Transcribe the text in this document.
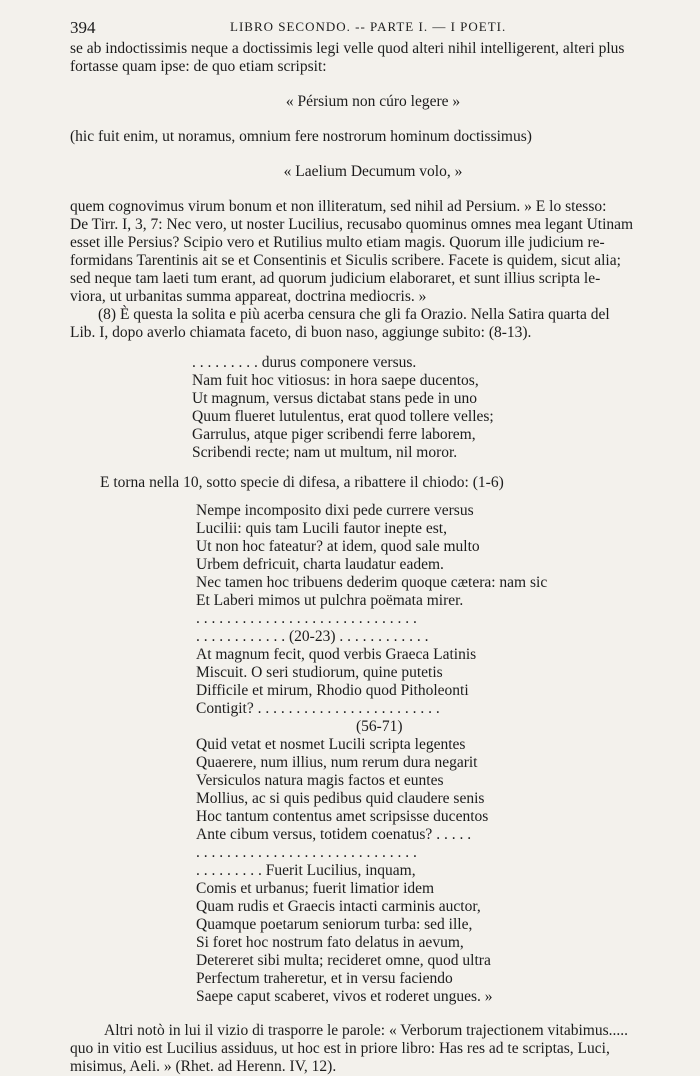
394	LIBRO SECONDO. -- PARTE I. — I POETI.
se ab indoctissimis neque a doctissimis legi velle quod alteri nihil intelligerent, alteri plus
fortasse quam ipse: de quo etiam scripsit:
« Pérsium non cúro legere »
(hic fuit enim, ut noramus, omnium fere nostrorum hominum doctissimus)
« Laelium Decumum volo, »
quem cognovimus virum bonum et non illiteratum, sed nihil ad Persium. » E lo stesso:
De Tirr. I, 3, 7: Nec vero, ut noster Lucilius, recusabo quominus omnes mea legant Utinam
esset ille Persius? Scipio vero et Rutilius multo etiam magis. Quorum ille judicium re-
formidans Tarentinis ait se et Consentinis et Siculis scribere. Facete is quidem, sicut alia;
sed neque tam laeti tum erant, ad quorum judicium elaboraret, et sunt illius scripta le-
viora, ut urbanitas summa appareat, doctrina mediocris. »
(8) È questa la solita e più acerba censura che gli fa Orazio. Nella Satira quarta del
Lib. I, dopo averlo chiamata faceto, di buon naso, aggiunge subito: (8-13).
. . . . . . . . . durus componere versus.
Nam fuit hoc vitiosus: in hora saepe ducentos,
Ut magnum, versus dictabat stans pede in uno
Quum flueret lutulentus, erat quod tollere velles;
Garrulus, atque piger scribendi ferre laborem,
Scribendi recte; nam ut multum, nil moror.
E torna nella 10, sotto specie di difesa, a ribattere il chiodo: (1-6)
Nempe incomposito dixi pede currere versus
Lucilii: quis tam Lucili fautor inepte est,
Ut non hoc fateatur? at idem, quod sale multo
Urbem defricuit, charta laudatur eadem.
Nec tamen hoc tribuens dederim quoque cætera: nam sic
Et Laberi mimos ut pulchra poëmata mirer.
. . . . . . . . . . . . . . . . . . . . . . . . . . . . .
. . . . . . . . . . . . (20-23) . . . . . . . . . . . .
At magnum fecit, quod verbis Graeca Latinis
Miscuit. O seri studiorum, quine putetis
Difficile et mirum, Rhodio quod Pitholeonti
Contigit? . . . . . . . . . . . . . . . . . . . . . . . .
(56-71)
Quid vetat et nosmet Lucili scripta legentes
Quaerere, num illius, num rerum dura negarit
Versiculos natura magis factos et euntes
Mollius, ac si quis pedibus quid claudere senis
Hoc tantum contentus amet scripsisse ducentos
Ante cibum versus, totidem coenatus? . . . . .
. . . . . . . . . . . . . . . . . . . . . . . . . . . . .
. . . . . . . . . Fuerit Lucilius, inquam,
Comis et urbanus; fuerit limatior idem
Quam rudis et Graecis intacti carminis auctor,
Quamque poetarum seniorum turba: sed ille,
Si foret hoc nostrum fato delatus in aevum,
Detereret sibi multa; recideret omne, quod ultra
Perfectum traheretur, et in versu faciendo
Saepe caput scaberet, vivos et roderet ungues. »
Altri notò in lui il vizio di trasporre le parole: « Verborum trajectionem vitabimus.....
quo in vitio est Lucilius assiduus, ut hoc est in priore libro: Has res ad te scriptas, Luci,
misimus, Aeli. » (Rhet. ad Herenn. IV, 12).
